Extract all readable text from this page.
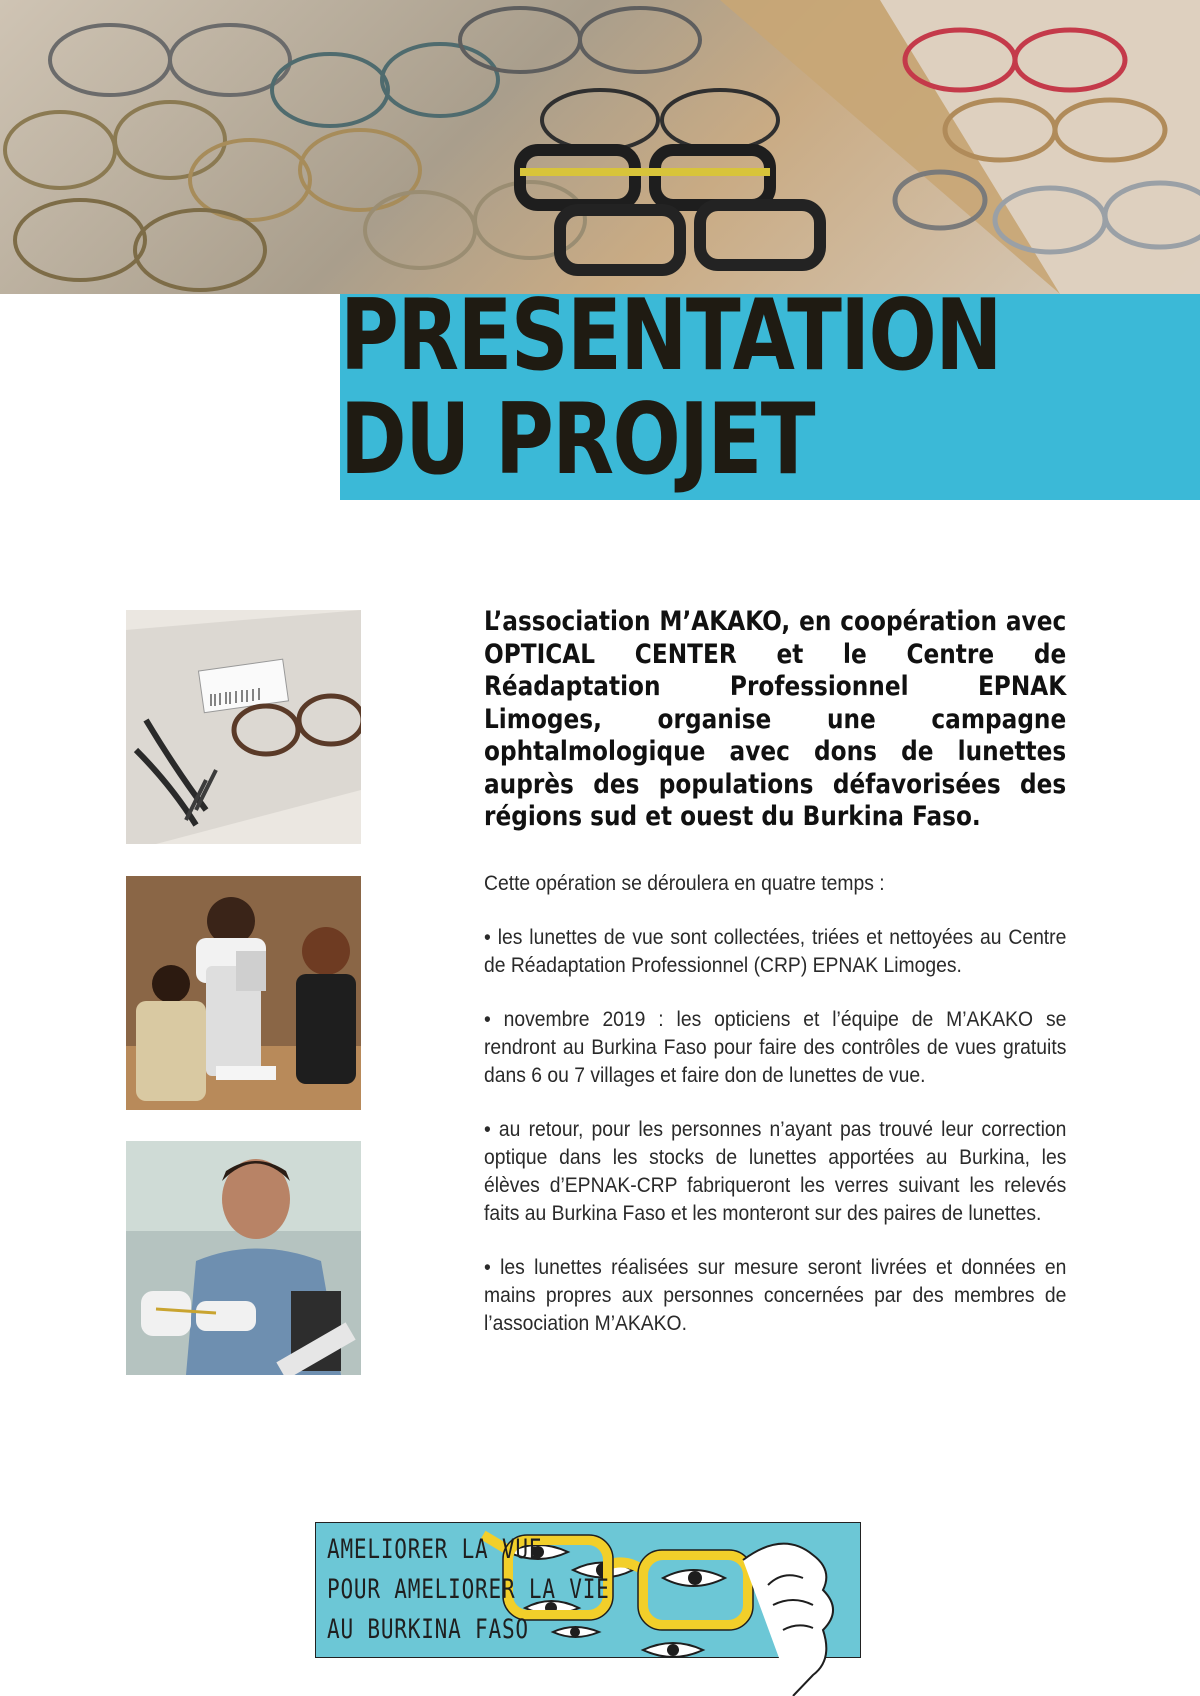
PRESENTATION
DU PROJET

L’association M’AKAKO, en coopération avec OPTICAL CENTER et le Centre de Réadaptation Professionnel EPNAK Limoges, organise une campagne ophtalmologique avec dons de lunettes auprès des populations défavorisées des régions sud et ouest du Burkina Faso.

Cette opération se déroulera en quatre temps :

• les lunettes de vue sont collectées, triées et nettoyées au Centre de Réadaptation Professionnel (CRP) EPNAK Limoges.

• novembre 2019 : les opticiens et l’équipe de M’AKAKO se rendront au Burkina Faso pour faire des contrôles de vues gratuits dans 6 ou 7 villages et faire don de lunettes de vue.

• au retour, pour les personnes n’ayant pas trouvé leur correction optique dans les stocks de lunettes apportées au Burkina, les élèves d’EPNAK-CRP fabriqueront les verres suivant les relevés faits au Burkina Faso et les monteront sur des paires de lunettes.

• les lunettes réalisées sur mesure seront livrées et données en mains propres aux personnes concernées par des membres de l’association M’AKAKO.

AMELIORER LA VUE
POUR AMELIORER LA VIE
AU BURKINA FASO
